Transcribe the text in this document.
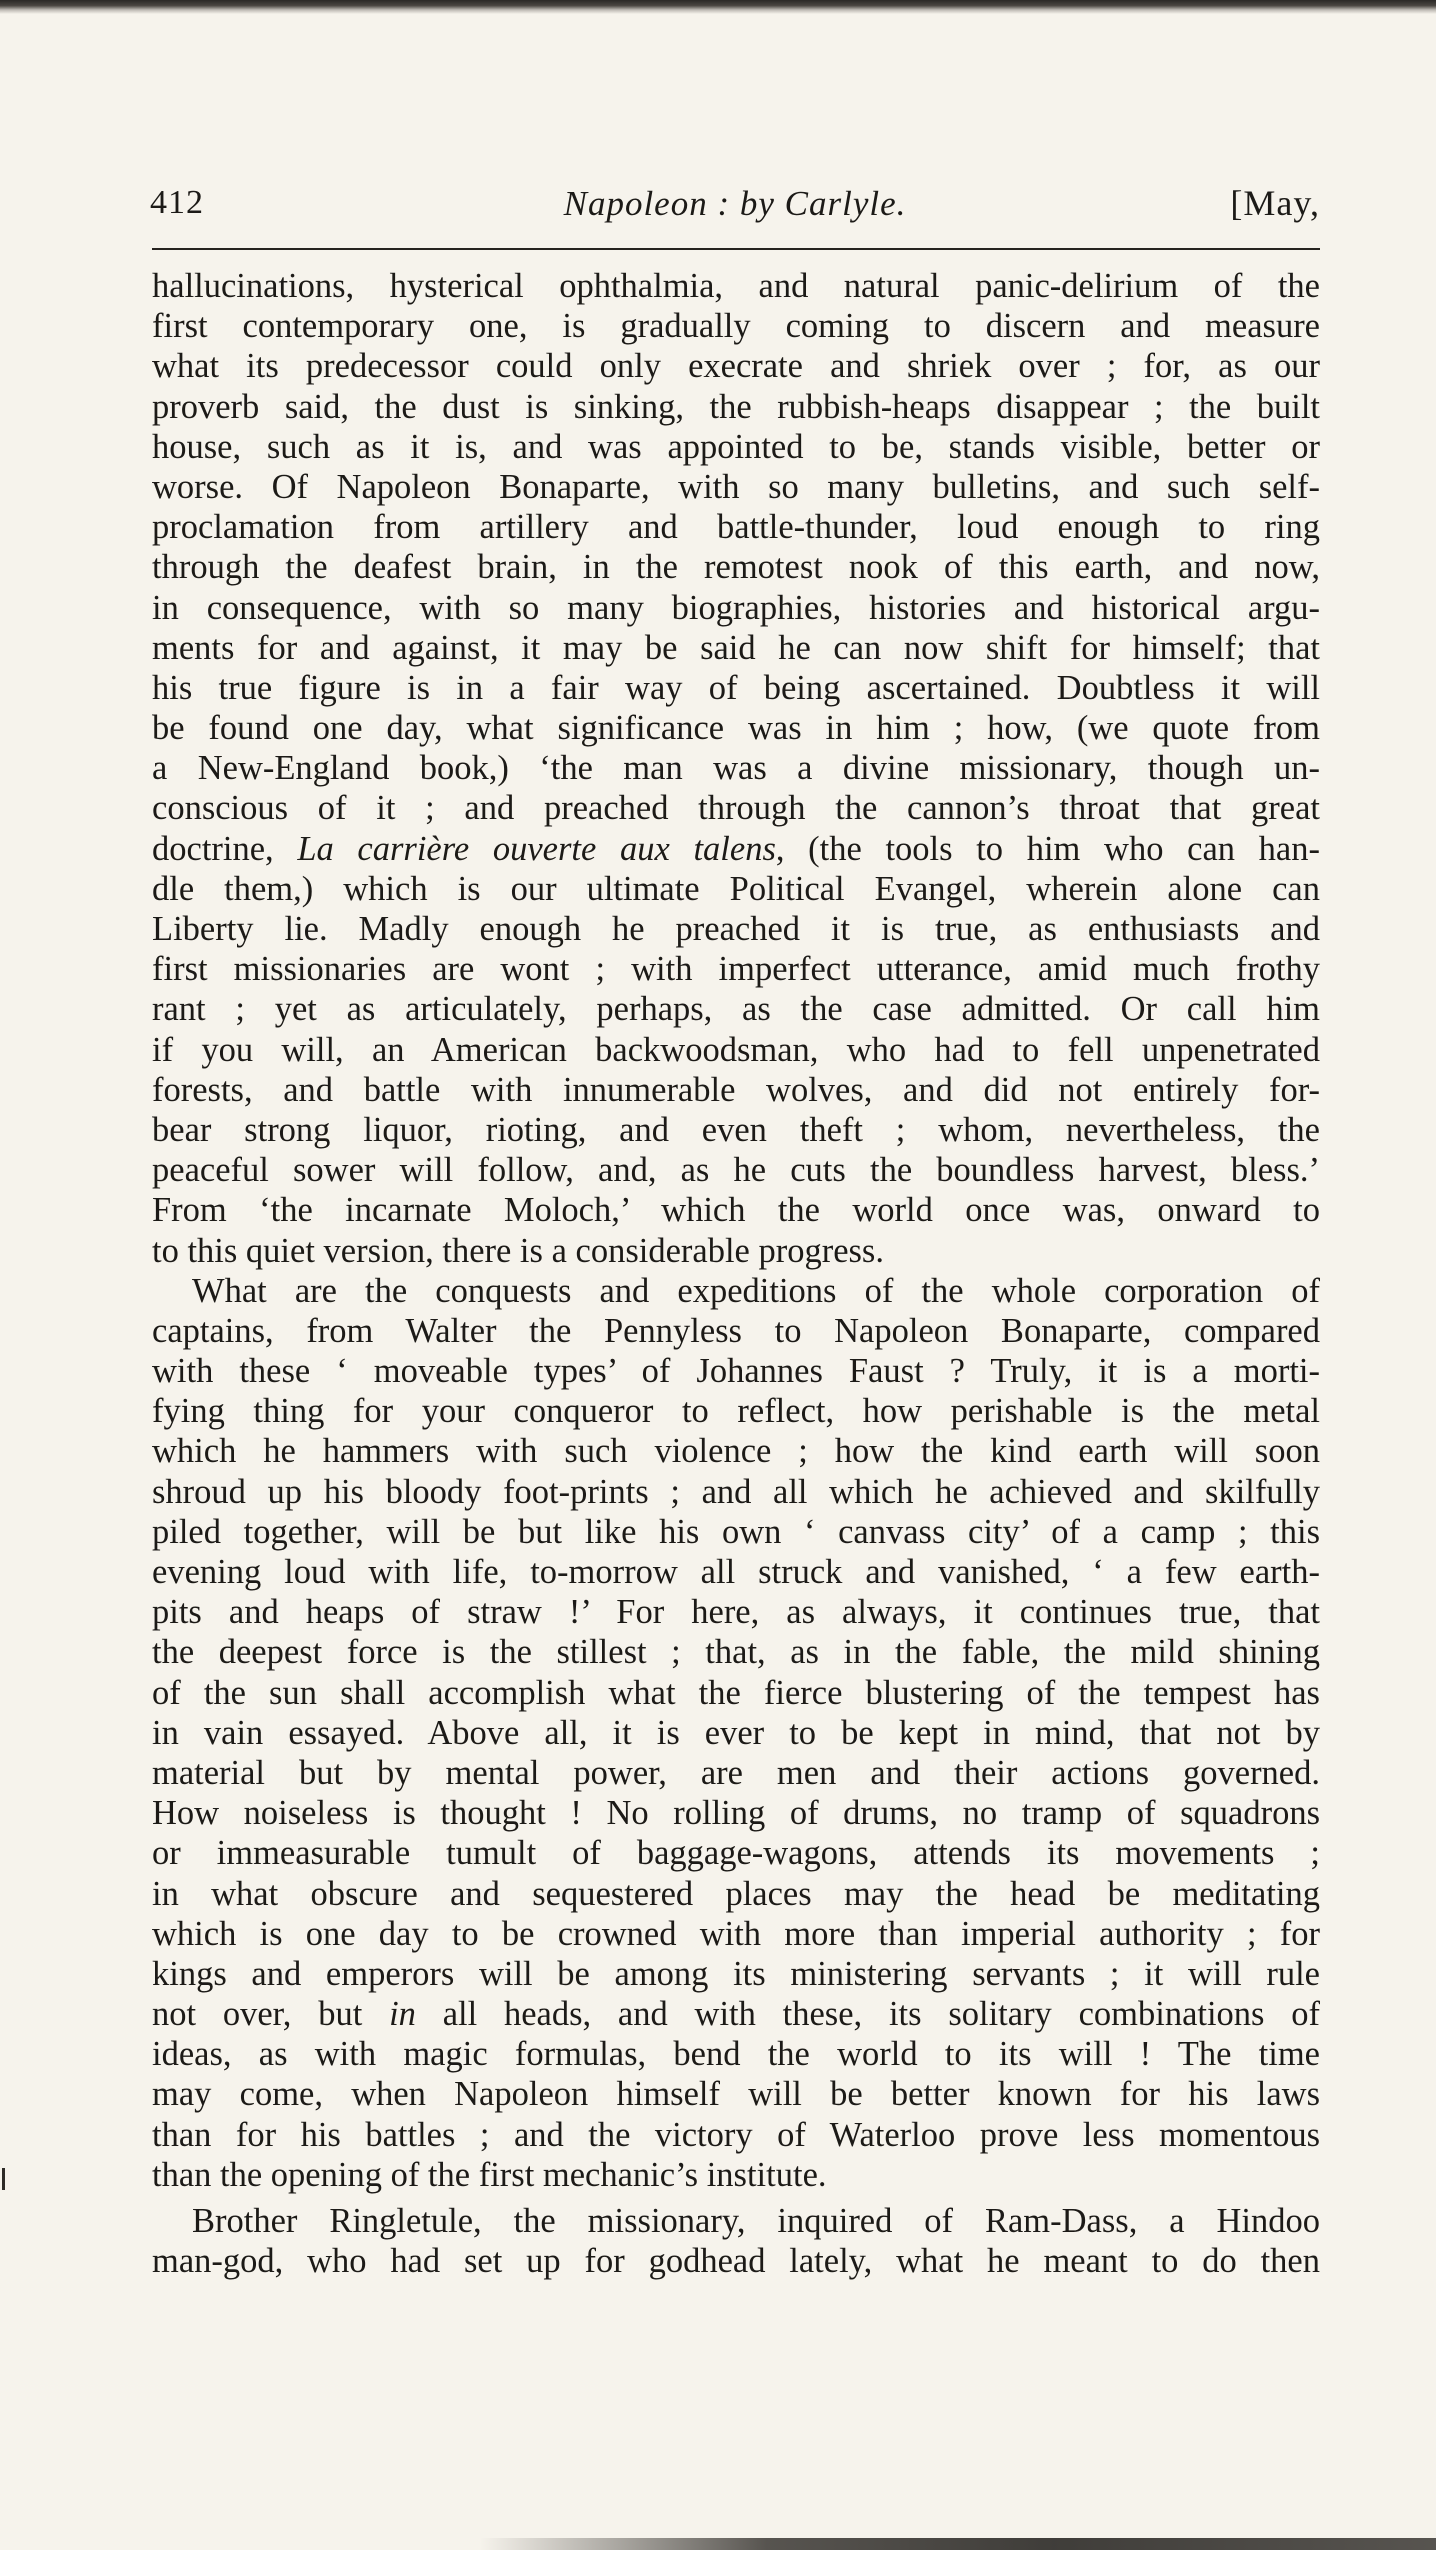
412	Napoleon : by Carlyle.	[May,
hallucinations, hysterical ophthalmia, and natural panic-delirium of the
first contemporary one, is gradually coming to discern and measure
what its predecessor could only execrate and shriek over ; for, as our
proverb said, the dust is sinking, the rubbish-heaps disappear ; the built
house, such as it is, and was appointed to be, stands visible, better or
worse. Of Napoleon Bonaparte, with so many bulletins, and such self-
proclamation from artillery and battle-thunder, loud enough to ring
through the deafest brain, in the remotest nook of this earth, and now,
in consequence, with so many biographies, histories and historical argu-
ments for and against, it may be said he can now shift for himself; that
his true figure is in a fair way of being ascertained. Doubtless it will
be found one day, what significance was in him ; how, (we quote from
a New-England book,) ‘the man was a divine missionary, though un-
conscious of it ; and preached through the cannon’s throat that great
doctrine, La carrière ouverte aux talens, (the tools to him who can han-
dle them,) which is our ultimate Political Evangel, wherein alone can
Liberty lie. Madly enough he preached it is true, as enthusiasts and
first missionaries are wont ; with imperfect utterance, amid much frothy
rant ; yet as articulately, perhaps, as the case admitted. Or call him
if you will, an American backwoodsman, who had to fell unpenetrated
forests, and battle with innumerable wolves, and did not entirely for-
bear strong liquor, rioting, and even theft ; whom, nevertheless, the
peaceful sower will follow, and, as he cuts the boundless harvest, bless.’
From ‘the incarnate Moloch,’ which the world once was, onward to
to this quiet version, there is a considerable progress.
What are the conquests and expeditions of the whole corporation of
captains, from Walter the Pennyless to Napoleon Bonaparte, compared
with these ‘ moveable types’ of Johannes Faust ? Truly, it is a morti-
fying thing for your conqueror to reflect, how perishable is the metal
which he hammers with such violence ; how the kind earth will soon
shroud up his bloody foot-prints ; and all which he achieved and skilfully
piled together, will be but like his own ‘ canvass city’ of a camp ; this
evening loud with life, to-morrow all struck and vanished, ‘ a few earth-
pits and heaps of straw !’ For here, as always, it continues true, that
the deepest force is the stillest ; that, as in the fable, the mild shining
of the sun shall accomplish what the fierce blustering of the tempest has
in vain essayed. Above all, it is ever to be kept in mind, that not by
material but by mental power, are men and their actions governed.
How noiseless is thought ! No rolling of drums, no tramp of squadrons
or immeasurable tumult of baggage-wagons, attends its movements ;
in what obscure and sequestered places may the head be meditating
which is one day to be crowned with more than imperial authority ; for
kings and emperors will be among its ministering servants ; it will rule
not over, but in all heads, and with these, its solitary combinations of
ideas, as with magic formulas, bend the world to its will ! The time
may come, when Napoleon himself will be better known for his laws
than for his battles ; and the victory of Waterloo prove less momentous
than the opening of the first mechanic’s institute.
Brother Ringletule, the missionary, inquired of Ram-Dass, a Hindoo
man-god, who had set up for godhead lately, what he meant to do then
